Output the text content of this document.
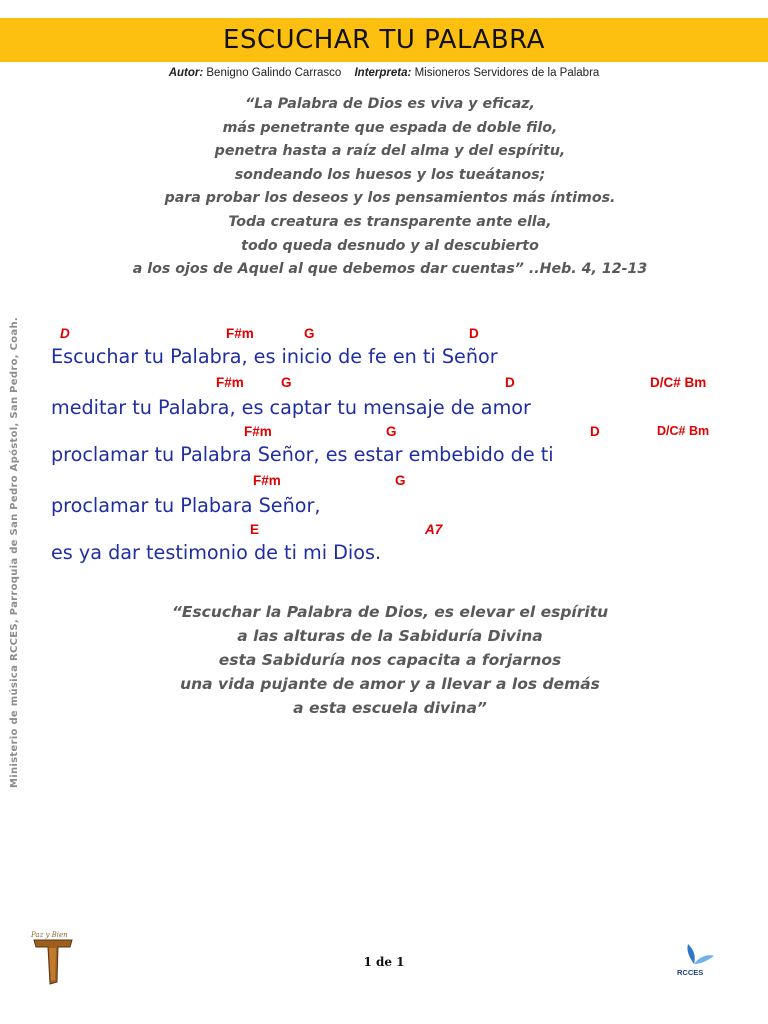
ESCUCHAR TU PALABRA
Autor: Benigno Galindo Carrasco Interpreta: Misioneros Servidores de la Palabra
“La Palabra de Dios es viva y eficaz,
más penetrante que espada de doble filo,
penetra hasta a raíz del alma y del espíritu,
sondeando los huesos y los tueátanos;
para probar los deseos y los pensamientos más íntimos.
Toda creatura es transparente ante ella,
todo queda desnudo y al descubierto
a los ojos de Aquel al que debemos dar cuentas” ..Heb. 4, 12-13
D	F#m	G	D
Escuchar tu Palabra, es inicio de fe en ti Señor
F#m	G	D	D/C# Bm
meditar tu Palabra, es captar tu mensaje de amor
F#m	G	D	D/C# Bm
proclamar tu Palabra Señor, es estar embebido de ti
F#m	G
proclamar tu Plabara Señor,
E	A7
es ya dar testimonio de ti mi Dios.
“Escuchar la Palabra de Dios, es elevar el espíritu
a las alturas de la Sabiduría Divina
esta Sabiduría nos capacita a forjarnos
una vida pujante de amor y a llevar a los demás
a esta escuela divina”
Ministerio de música RCCES, Parroquia de San Pedro Apóstol, San Pedro, Coah.
Paz y Bien
1 de 1
RCCES
